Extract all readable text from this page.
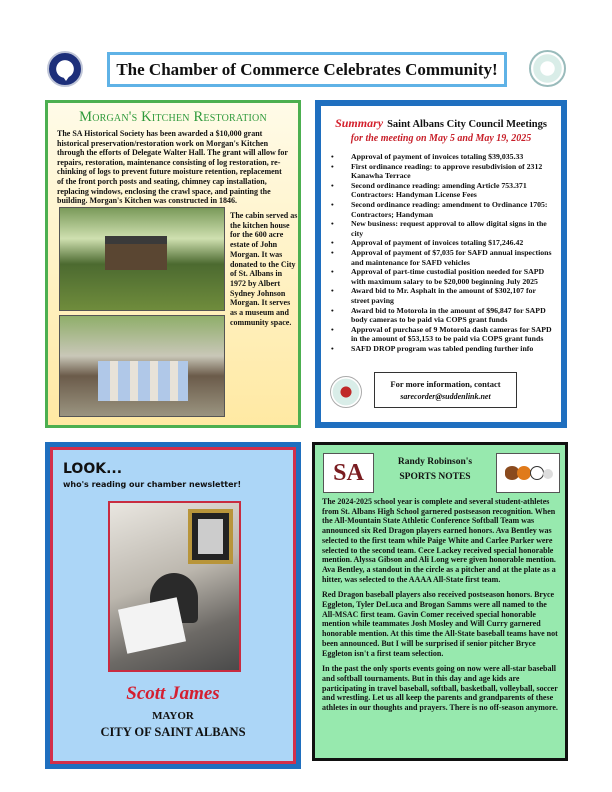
The Chamber of Commerce Celebrates Community!
Morgan's Kitchen Restoration

The SA Historical Society has been awarded a $10,000 grant historical preservation/restoration work on Morgan's Kitchen through the efforts of Delegate Walter Hall. The grant will allow for repairs, restoration, maintenance consisting of log restoration, re-chinking of logs to prevent future moisture retention, replacement of the front porch posts and seating, chimney cap installation, replacing windows, enclosing the crawl space, and painting the building. Morgan's Kitchen was constructed in 1846.

The cabin served as the kitchen house for the 600 acre estate of John Morgan. It was donated to the City of St. Albans in 1972 by Albert Sydney Johnson Morgan. It serves as a museum and community space.
Summary Saint Albans City Council Meetings
for the meeting on May 5 and May 19, 2025
• Approval of payment of invoices totaling $39,035.33
• First ordinance reading: to approve resubdivision of 2312 Kanawha Terrace
• Second ordinance reading: amending Article 753.371 Contractors: Handyman License Fees
• Second ordinance reading: amendment to Ordinance 1705: Contractors; Handyman
• New business: request approval to allow digital signs in the city
• Approval of payment of invoices totaling $17,246.42
• Approval of payment of $7,035 for SAFD annual inspections and maintenance for SAFD vehicles
• Approval of part-time custodial position needed for SAPD with maximum salary to be $20,000 beginning July 2025
• Award bid to Mr. Asphalt in the amount of $302,107 for street paving
• Award bid to Motorola in the amount of $96,847 for SAPD body cameras to be paid via COPS grant funds
• Approval of purchase of 9 Motorola dash cameras for SAPD in the amount of $53,153 to be paid via COPS grant funds
• SAFD DROP program was tabled pending further info
For more information, contact
sarecorder@suddenlink.net
LOOK...
who's reading our chamber newsletter!
Scott James
MAYOR
CITY OF SAINT ALBANS
SA	Randy Robinson's
SPORTS NOTES

The 2024-2025 school year is complete and several student-athletes from St. Albans High School garnered postseason recognition. When the All-Mountain State Athletic Conference Softball Team was announced six Red Dragon players earned honors. Ava Bentley was selected to the first team while Paige White and Carlee Parker were selected to the second team. Cece Lackey received special honorable mention. Alyssa Gibson and Ali Long were given honorable mention. Ava Bentley, a standout in the circle as a pitcher and at the plate as a hitter, was selected to the AAAA All-State first team.

Red Dragon baseball players also received postseason honors. Bryce Eggleton, Tyler DeLuca and Brogan Samms were all named to the All-MSAC first team. Gavin Comer received special honorable mention while teammates Josh Mosley and Will Curry garnered honorable mention. At this time the All-State baseball teams have not been announced. But I will be surprised if senior pitcher Bryce Eggleton isn't a first team selection.

In the past the only sports events going on now were all-star baseball and softball tournaments. But in this day and age kids are participating in travel baseball, softball, basketball, volleyball, soccer and wrestling. Let us all keep the parents and grandparents of these athletes in our thoughts and prayers. There is no off-season anymore.
